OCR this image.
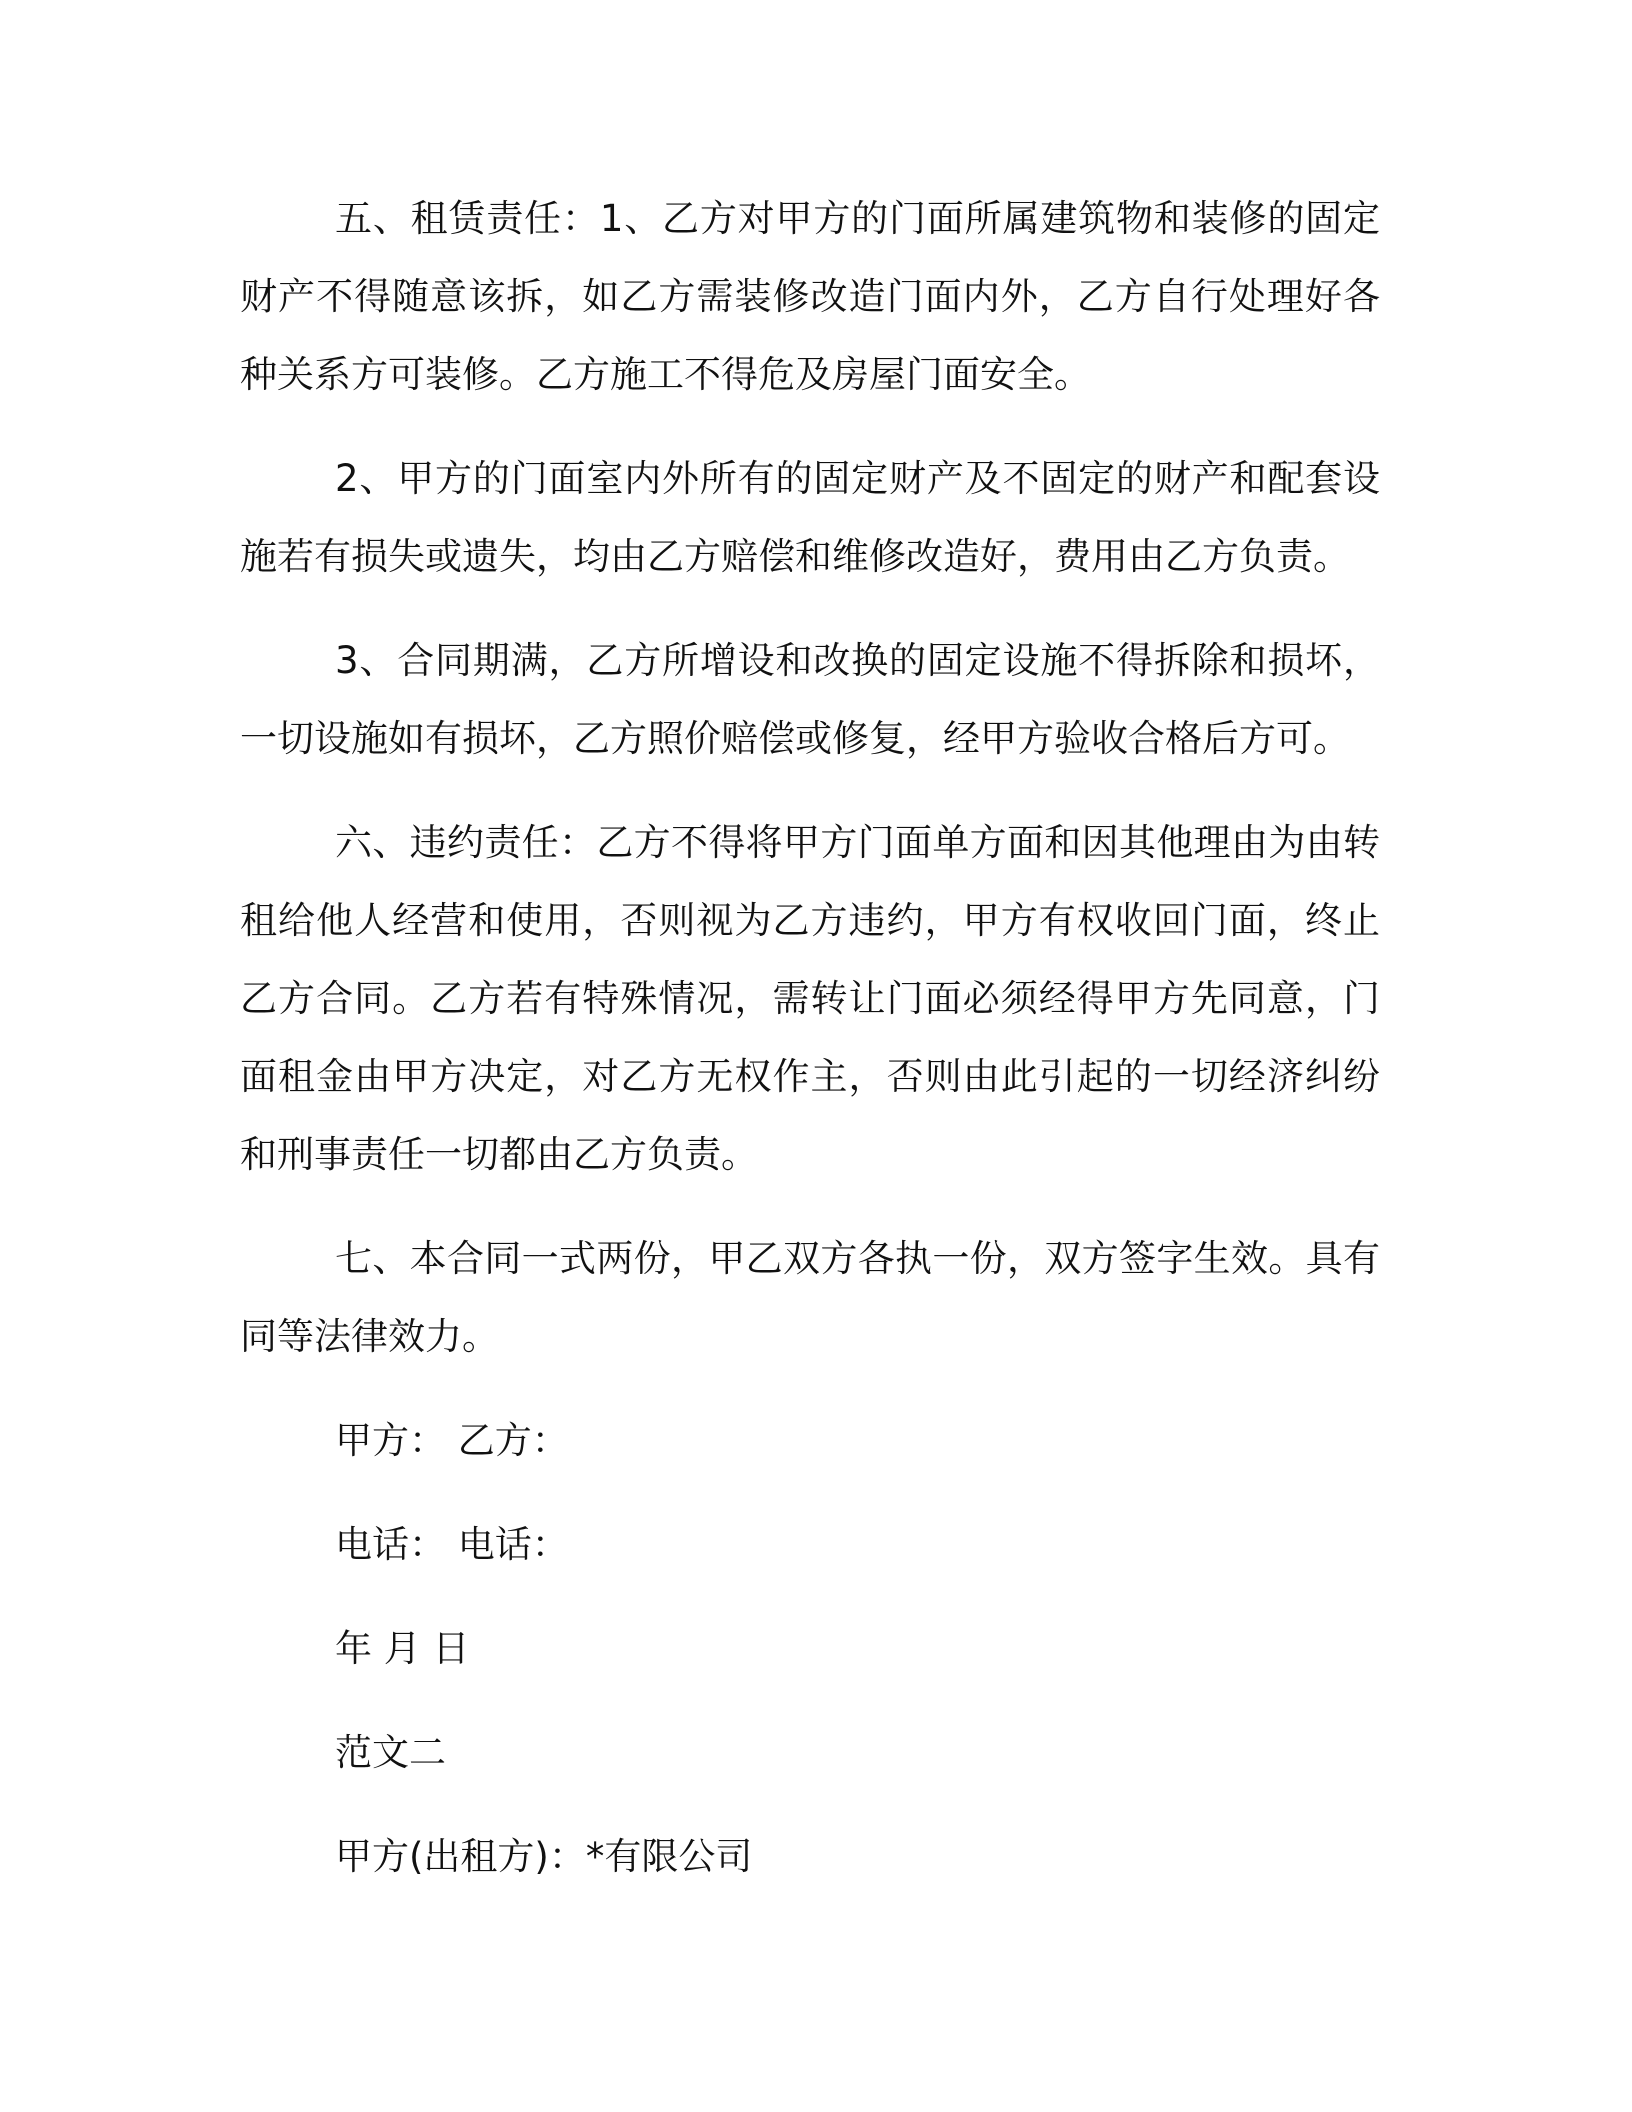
五、租赁责任：1、乙方对甲方的门面所属建筑物和装修的固定财产不得随意该拆，如乙方需装修改造门面内外，乙方自行处理好各种关系方可装修。乙方施工不得危及房屋门面安全。

2、甲方的门面室内外所有的固定财产及不固定的财产和配套设施若有损失或遗失，均由乙方赔偿和维修改造好，费用由乙方负责。

3、合同期满，乙方所增设和改换的固定设施不得拆除和损坏，一切设施如有损坏，乙方照价赔偿或修复，经甲方验收合格后方可。

六、违约责任：乙方不得将甲方门面单方面和因其他理由为由转租给他人经营和使用，否则视为乙方违约，甲方有权收回门面，终止乙方合同。乙方若有特殊情况，需转让门面必须经得甲方先同意，门面租金由甲方决定，对乙方无权作主，否则由此引起的一切经济纠纷和刑事责任一切都由乙方负责。

七、本合同一式两份，甲乙双方各执一份，双方签字生效。具有同等法律效力。

甲方： 乙方：
电话： 电话：
年 月 日
范文二
甲方(出租方)：*有限公司
